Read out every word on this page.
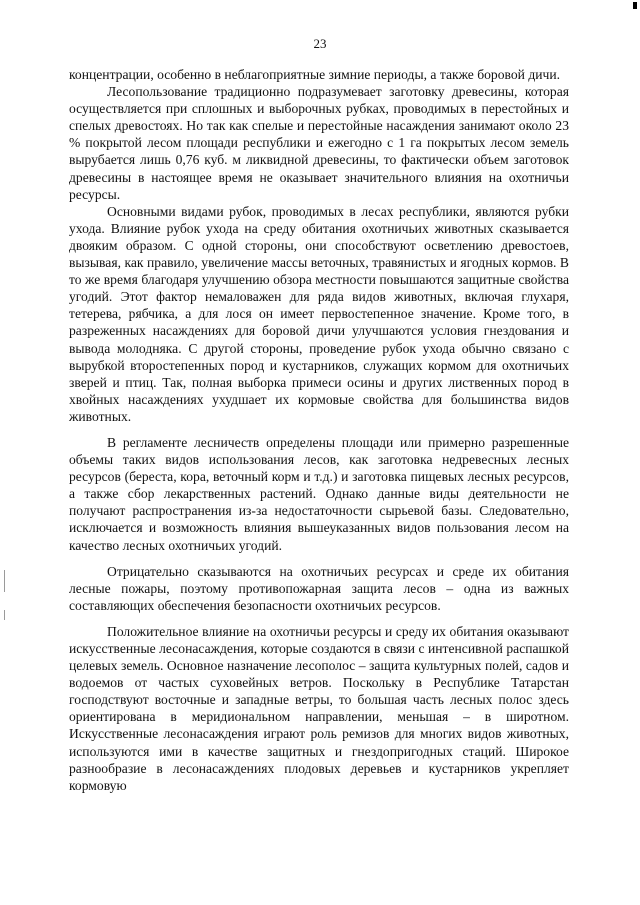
23

концентрации, особенно в неблагоприятные зимние периоды, а также боровой дичи.

Лесопользование традиционно подразумевает заготовку древесины, которая осуществляется при сплошных и выборочных рубках, проводимых в перестойных и спелых древостоях. Но так как спелые и перестойные насаждения занимают около 23 % покрытой лесом площади республики и ежегодно с 1 га покрытых лесом земель вырубается лишь 0,76 куб. м ликвидной древесины, то фактически объем заготовок древесины в настоящее время не оказывает значительного влияния на охотничьи ресурсы.

Основными видами рубок, проводимых в лесах республики, являются рубки ухода. Влияние рубок ухода на среду обитания охотничьих животных сказывается двояким образом. С одной стороны, они способствуют осветлению древостоев, вызывая, как правило, увеличение массы веточных, травянистых и ягодных кормов. В то же время благодаря улучшению обзора местности повышаются защитные свойства угодий. Этот фактор немаловажен для ряда видов животных, включая глухаря, тетерева, рябчика, а для лося он имеет первостепенное значение. Кроме того, в разреженных насаждениях для боровой дичи улучшаются условия гнездования и вывода молодняка. С другой стороны, проведение рубок ухода обычно связано с вырубкой второстепенных пород и кустарников, служащих кормом для охотничьих зверей и птиц. Так, полная выборка примеси осины и других лиственных пород в хвойных насаждениях ухудшает их кормовые свойства для большинства видов животных.

В регламенте лесничеств определены площади или примерно разрешенные объемы таких видов использования лесов, как заготовка недревесных лесных ресурсов (береста, кора, веточный корм и т.д.) и заготовка пищевых лесных ресурсов, а также сбор лекарственных растений. Однако данные виды деятельности не получают распространения из-за недостаточности сырьевой базы. Следовательно, исключается и возможность влияния вышеуказанных видов пользования лесом на качество лесных охотничьих угодий.

Отрицательно сказываются на охотничьих ресурсах и среде их обитания лесные пожары, поэтому противопожарная защита лесов – одна из важных составляющих обеспечения безопасности охотничьих ресурсов.

Положительное влияние на охотничьи ресурсы и среду их обитания оказывают искусственные лесонасаждения, которые создаются в связи с интенсивной распашкой целевых земель. Основное назначение лесополос – защита культурных полей, садов и водоемов от частых суховейных ветров. Поскольку в Республике Татарстан господствуют восточные и западные ветры, то большая часть лесных полос здесь ориентирована в меридиональном направлении, меньшая – в широтном. Искусственные лесонасаждения играют роль ремизов для многих видов животных, используются ими в качестве защитных и гнездопригодных стаций. Широкое разнообразие в лесонасаждениях плодовых деревьев и кустарников укрепляет кормовую
